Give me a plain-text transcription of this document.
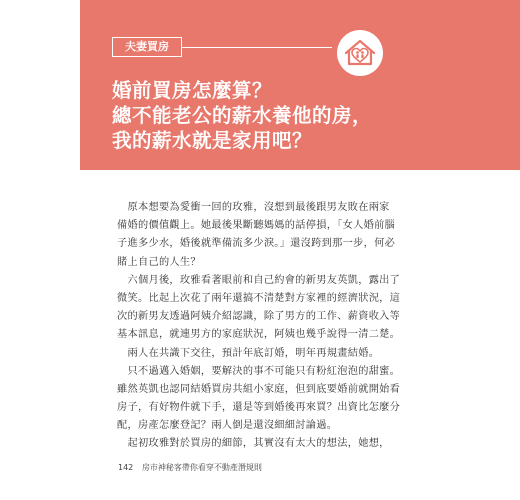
夫妻買房
婚前買房怎麼算？
總不能老公的薪水養他的房，
我的薪水就是家用吧？
　原本想要為愛衝一回的玫雅，沒想到最後跟男友敗在兩家
備婚的價值觀上。她最後果斷聽媽媽的話停損，「女人婚前腦
子進多少水，婚後就準備流多少淚。」還沒跨到那一步，何必
賭上自己的人生？
　六個月後，玫雅看著眼前和自己約會的新男友英凱，露出了
微笑。比起上次花了兩年還搞不清楚對方家裡的經濟狀況，這
次的新男友透過阿姨介紹認識，除了男方的工作、薪資收入等
基本訊息，就連男方的家庭狀況，阿姨也幾乎說得一清二楚。
　兩人在共識下交往，預計年底訂婚，明年再規畫結婚。
　只不過邁入婚姻，要解決的事不可能只有粉紅泡泡的甜蜜。
雖然英凱也認同結婚買房共組小家庭，但到底要婚前就開始看
房子，有好物件就下手，還是等到婚後再來買？出資比怎麼分
配，房產怎麼登記？兩人倒是還沒細細討論過。
　起初玫雅對於買房的細節，其實沒有太大的想法，她想，
142 房市神秘客帶你看穿不動產潛規則
